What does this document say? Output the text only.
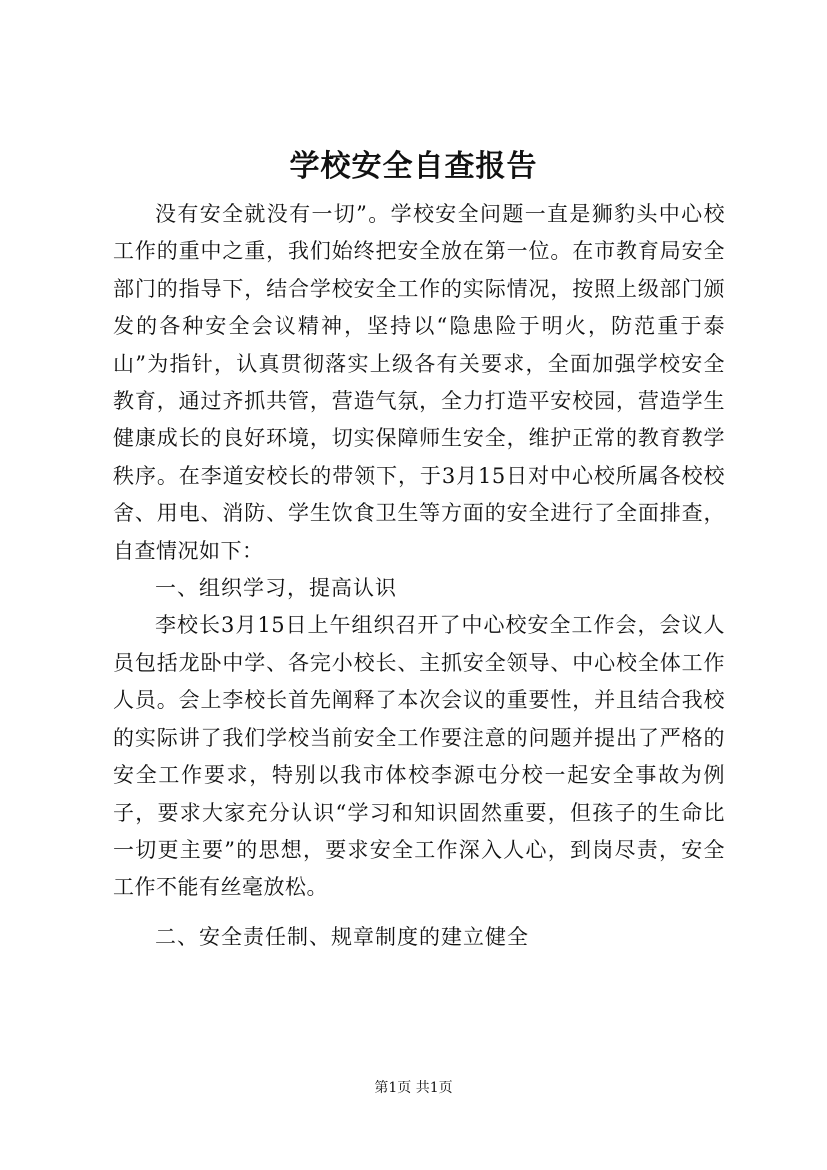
学校安全自查报告

没有安全就没有一切”。学校安全问题一直是狮豹头中心校工作的重中之重，我们始终把安全放在第一位。在市教育局安全部门的指导下，结合学校安全工作的实际情况，按照上级部门颁发的各种安全会议精神，坚持以“隐患险于明火，防范重于泰山”为指针，认真贯彻落实上级各有关要求，全面加强学校安全教育，通过齐抓共管，营造气氛，全力打造平安校园，营造学生健康成长的良好环境，切实保障师生安全，维护正常的教育教学秩序。在李道安校长的带领下，于3月15日对中心校所属各校校舍、用电、消防、学生饮食卫生等方面的安全进行了全面排查，自查情况如下：

一、组织学习，提高认识

李校长3月15日上午组织召开了中心校安全工作会，会议人员包括龙卧中学、各完小校长、主抓安全领导、中心校全体工作人员。会上李校长首先阐释了本次会议的重要性，并且结合我校的实际讲了我们学校当前安全工作要注意的问题并提出了严格的安全工作要求，特别以我市体校李源屯分校一起安全事故为例子，要求大家充分认识“学习和知识固然重要，但孩子的生命比一切更主要”的思想，要求安全工作深入人心，到岗尽责，安全工作不能有丝毫放松。

二、安全责任制、规章制度的建立健全

第1页 共1页
